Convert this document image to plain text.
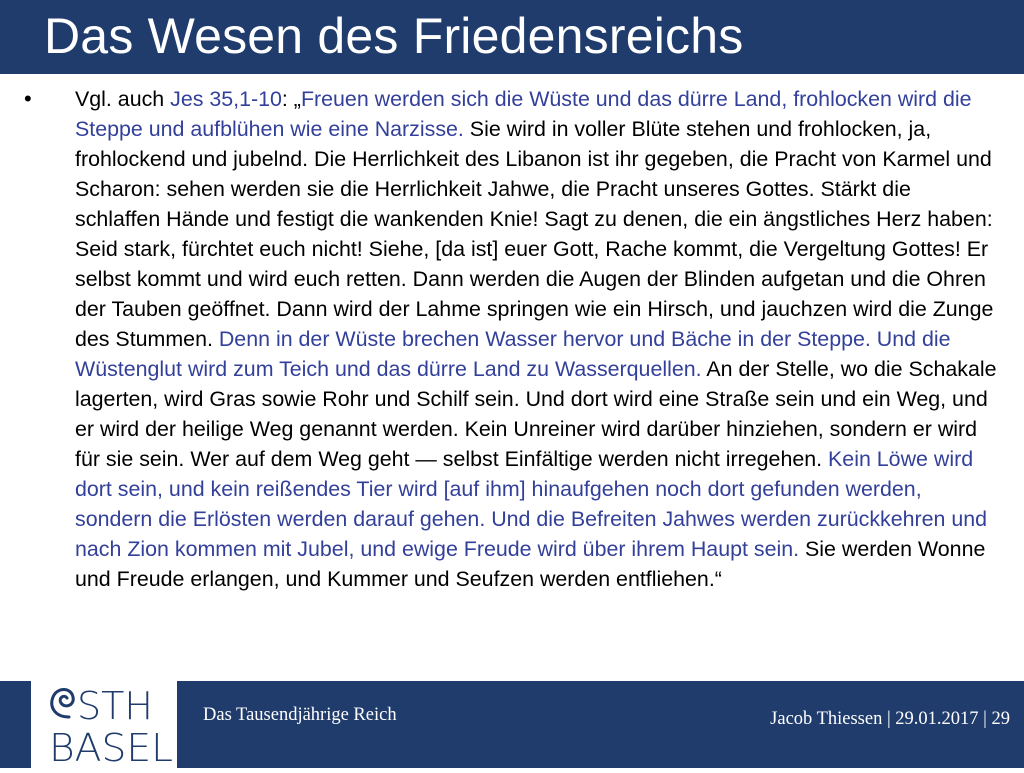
Das Wesen des Friedensreichs
• Vgl. auch Jes 35,1-10: „Freuen werden sich die Wüste und das dürre Land, frohlocken wird die Steppe und aufblühen wie eine Narzisse. Sie wird in voller Blüte stehen und frohlocken, ja, frohlockend und jubelnd. Die Herrlichkeit des Libanon ist ihr gegeben, die Pracht von Karmel und Scharon: sehen werden sie die Herrlichkeit Jahwe, die Pracht unseres Gottes. Stärkt die schlaffen Hände und festigt die wankenden Knie! Sagt zu denen, die ein ängstliches Herz haben: Seid stark, fürchtet euch nicht! Siehe, [da ist] euer Gott, Rache kommt, die Vergeltung Gottes! Er selbst kommt und wird euch retten. Dann werden die Augen der Blinden aufgetan und die Ohren der Tauben geöffnet. Dann wird der Lahme springen wie ein Hirsch, und jauchzen wird die Zunge des Stummen. Denn in der Wüste brechen Wasser hervor und Bäche in der Steppe. Und die Wüstenglut wird zum Teich und das dürre Land zu Wasserquellen. An der Stelle, wo die Schakale lagerten, wird Gras sowie Rohr und Schilf sein. Und dort wird eine Straße sein und ein Weg, und er wird der heilige Weg genannt werden. Kein Unreiner wird darüber hinziehen, sondern er wird für sie sein. Wer auf dem Weg geht — selbst Einfältige werden nicht irregehen. Kein Löwe wird dort sein, und kein reißendes Tier wird [auf ihm] hinaufgehen noch dort gefunden werden, sondern die Erlösten werden darauf gehen. Und die Befreiten Jahwes werden zurückkehren und nach Zion kommen mit Jubel, und ewige Freude wird über ihrem Haupt sein. Sie werden Wonne und Freude erlangen, und Kummer und Seufzen werden entfliehen.“

STH
BASEL
Das Tausendjährige Reich	Jacob Thiessen | 29.01.2017 | 29
